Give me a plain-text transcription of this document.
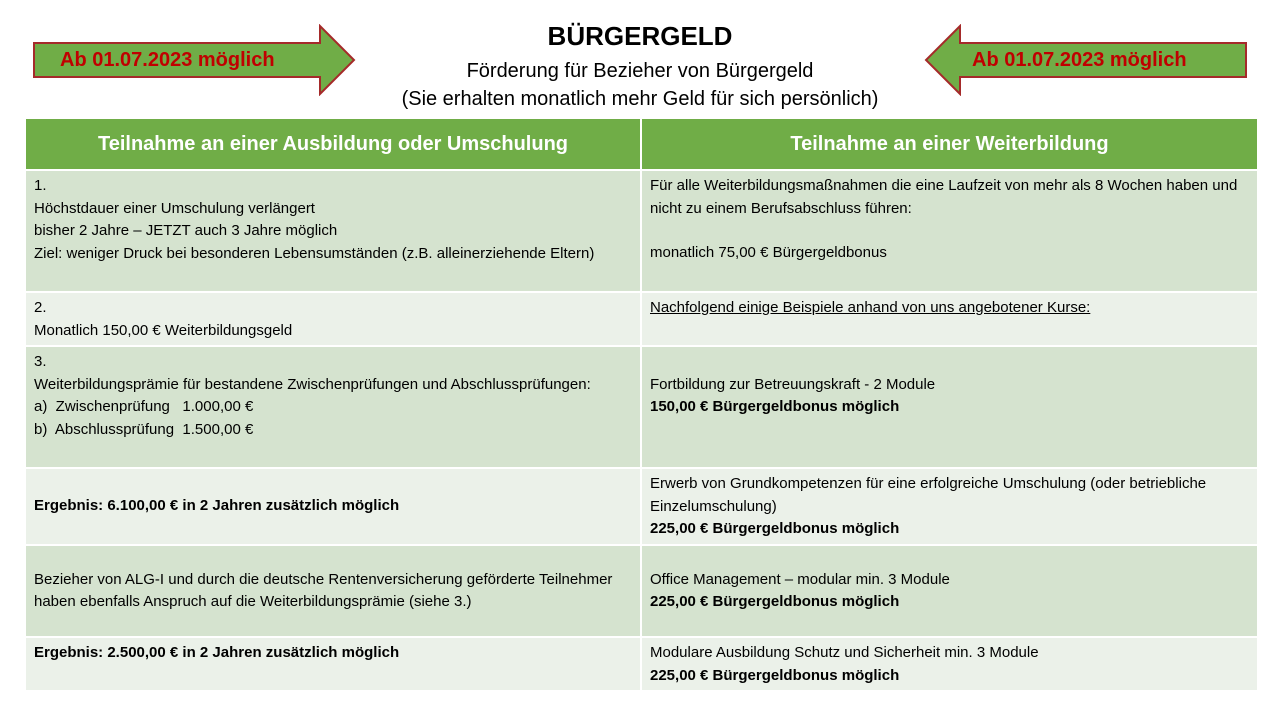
BÜRGERGELD
Förderung für Bezieher von Bürgergeld
(Sie erhalten monatlich mehr Geld für sich persönlich)
Ab 01.07.2023 möglich	Ab 01.07.2023 möglich
Teilnahme an einer Ausbildung oder Umschulung	Teilnahme an einer Weiterbildung

1.
Höchstdauer einer Umschulung verlängert
bisher 2 Jahre – JETZT auch 3 Jahre möglich
Ziel: weniger Druck bei besonderen Lebensumständen (z.B. alleinerziehende Eltern)	Für alle Weiterbildungsmaßnahmen die eine Laufzeit von mehr als 8 Wochen haben und nicht zu einem Berufsabschluss führen:
monatlich 75,00 € Bürgergeldbonus

2.
Monatlich 150,00 € Weiterbildungsgeld	Nachfolgend einige Beispiele anhand von uns angebotener Kurse:

3.
Weiterbildungsprämie für bestandene Zwischenprüfungen und Abschlussprüfungen:
a)  Zwischenprüfung   1.000,00 €
b)  Abschlussprüfung  1.500,00 €	Fortbildung zur Betreuungskraft - 2 Module
150,00 € Bürgergeldbonus möglich

Ergebnis: 6.100,00 € in 2 Jahren zusätzlich möglich	Erwerb von Grundkompetenzen für eine erfolgreiche Umschulung (oder betriebliche Einzelumschulung)
225,00 € Bürgergeldbonus möglich

Bezieher von ALG-I und durch die deutsche Rentenversicherung geförderte Teilnehmer haben ebenfalls Anspruch auf die Weiterbildungsprämie (siehe 3.)	Office Management – modular min. 3 Module
225,00 € Bürgergeldbonus möglich

Ergebnis: 2.500,00 € in 2 Jahren zusätzlich möglich	Modulare Ausbildung Schutz und Sicherheit min. 3 Module
225,00 € Bürgergeldbonus möglich
